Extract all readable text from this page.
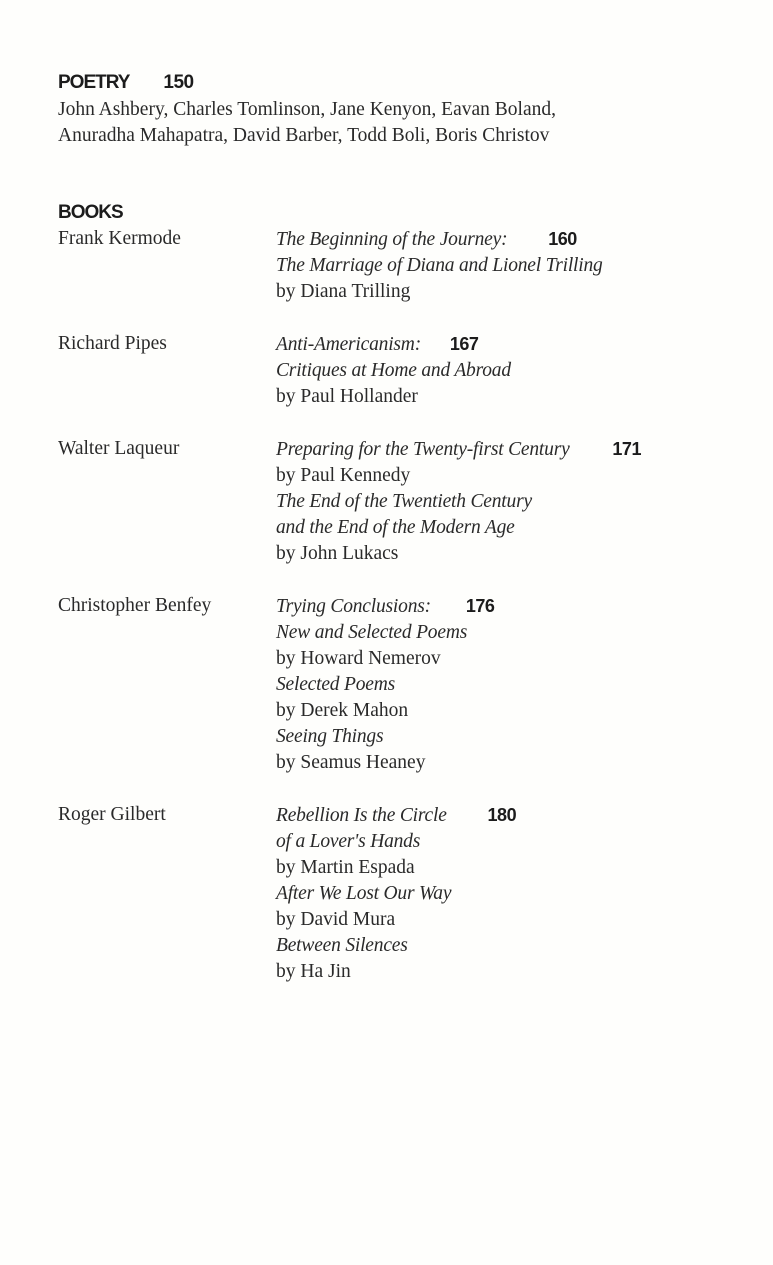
POETRY 150
John Ashbery, Charles Tomlinson, Jane Kenyon, Eavan Boland,
Anuradha Mahapatra, David Barber, Todd Boli, Boris Christov
BOOKS
Frank Kermode	The Beginning of the Journey: 160
The Marriage of Diana and Lionel Trilling
by Diana Trilling
Richard Pipes	Anti-Americanism: 167
Critiques at Home and Abroad
by Paul Hollander
Walter Laqueur	Preparing for the Twenty-first Century 171
by Paul Kennedy
The End of the Twentieth Century
and the End of the Modern Age
by John Lukacs
Christopher Benfey	Trying Conclusions: 176
New and Selected Poems
by Howard Nemerov
Selected Poems
by Derek Mahon
Seeing Things
by Seamus Heaney
Roger Gilbert	Rebellion Is the Circle 180
of a Lover's Hands
by Martin Espada
After We Lost Our Way
by David Mura
Between Silences
by Ha Jin
